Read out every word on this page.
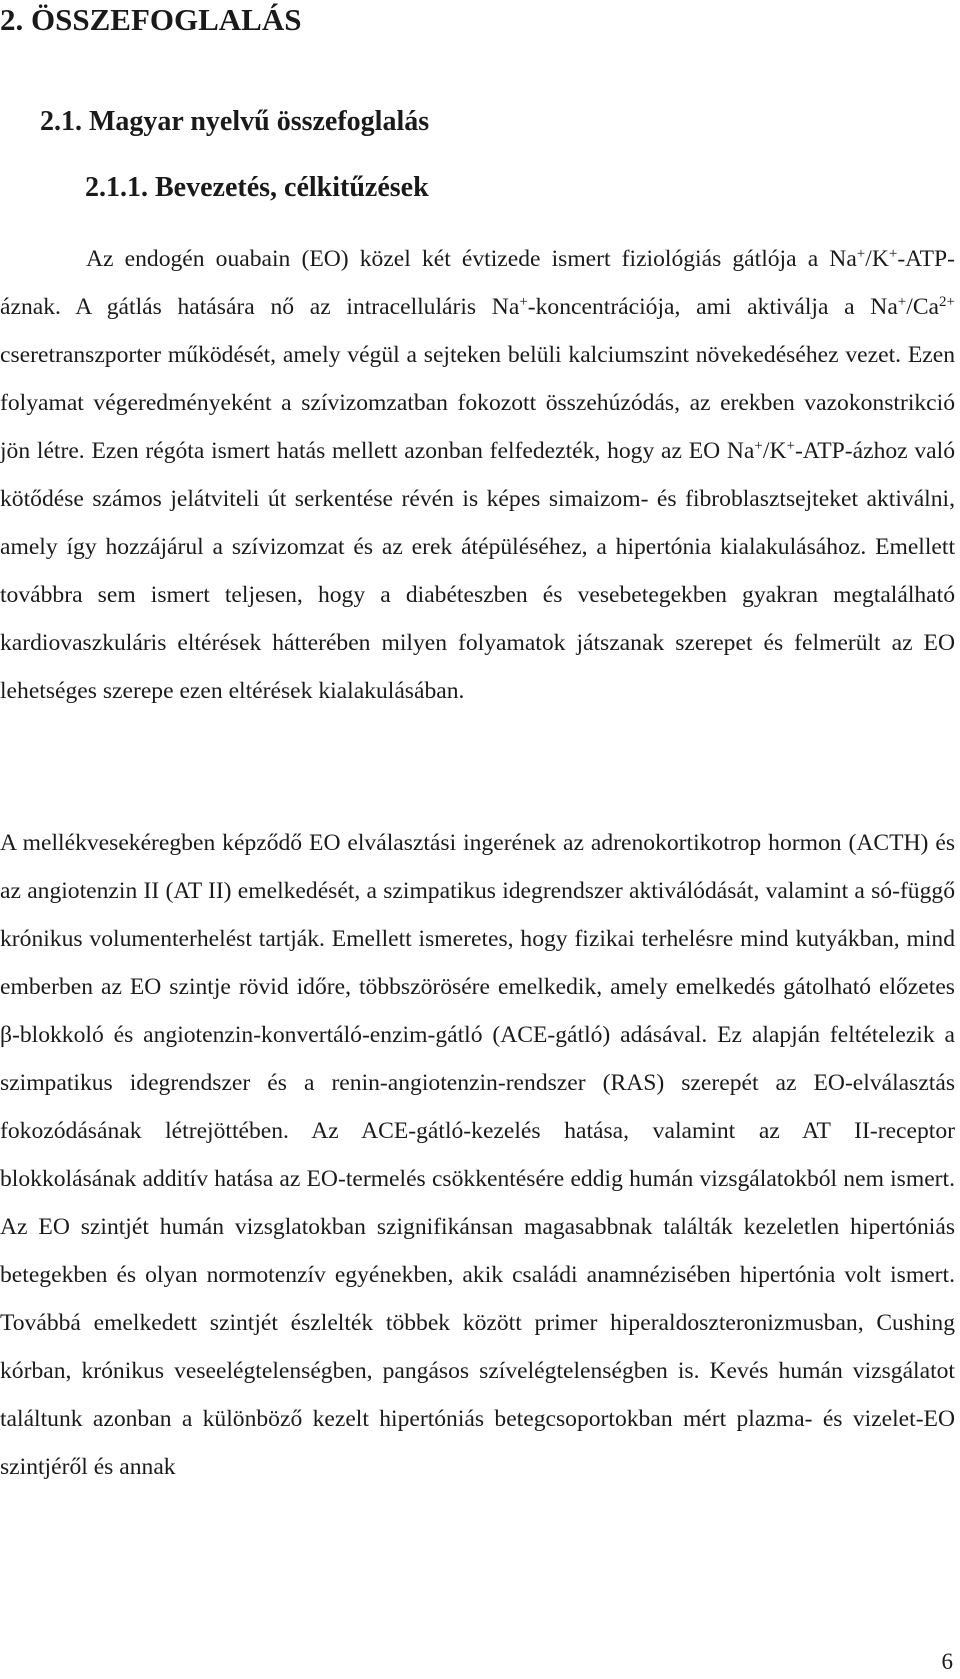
2. ÖSSZEFOGLALÁS
2.1. Magyar nyelvű összefoglalás
2.1.1. Bevezetés, célkitűzések

Az endogén ouabain (EO) közel két évtizede ismert fiziológiás gátlója a Na+/K+-ATP-áznak. A gátlás hatására nő az intracelluláris Na+-koncentrációja, ami aktiválja a $Na^+/Ca^{2+}$ cseretranszporter működését, amely végül a sejteken belüli kalciumszint növekedéséhez vezet. Ezen folyamat végeredményeként a szívizomzatban fokozott összehúzódás, az erekben vazokonstrikció jön létre. Ezen régóta ismert hatás mellett azonban felfedezték, hogy az EO Na+/K+-ATP-ázhoz való kötődése számos jelátviteli út serkentése révén is képes simaizom- és fibroblasztsejteket aktiválni, amely így hozzájárul a szívizomzat és az erek átépüléséhez, a hipertónia kialakulásához. Emellett továbbra sem ismert teljesen, hogy a diabéteszben és vesebetegekben gyakran megtalálható kardiovaszkuláris eltérések hátterében milyen folyamatok játszanak szerepet és felmerült az EO lehetséges szerepe ezen eltérések kialakulásában.

A mellékvesekéregben képződő EO elválasztási ingerének az adrenokortikotrop hormon (ACTH) és az angiotenzin II (AT II) emelkedését, a szimpatikus idegrendszer aktiválódását, valamint a só-függő krónikus volumenterhelést tartják. Emellett ismeretes, hogy fizikai terhelésre mind kutyákban, mind emberben az EO szintje rövid időre, többszörösére emelkedik, amely emelkedés gátolható előzetes β-blokkoló és angiotenzin-konvertáló-enzim-gátló (ACE-gátló) adásával. Ez alapján feltételezik a szimpatikus idegrendszer és a renin-angiotenzin-rendszer (RAS) szerepét az EO-elválasztás fokozódásának létrejöttében. Az ACE-gátló-kezelés hatása, valamint az AT II-receptor blokkolásának additív hatása az EO-termelés csökkentésére eddig humán vizsgálatokból nem ismert. Az EO szintjét humán vizsglatokban szignifikánsan magasabbnak találták kezeletlen hipertóniás betegekben és olyan normotenzív egyénekben, akik családi anamnézisében hipertónia volt ismert. Továbbá emelkedett szintjét észlelték többek között primer hiperaldoszteronizmusban, Cushing kórban, krónikus veseelégtelenségben, pangásos szívelégtelenségben is. Kevés humán vizsgálatot találtunk azonban a különböző kezelt hipertóniás betegcsoportokban mért plazma- és vizelet-EO szintjéről és annak

6
